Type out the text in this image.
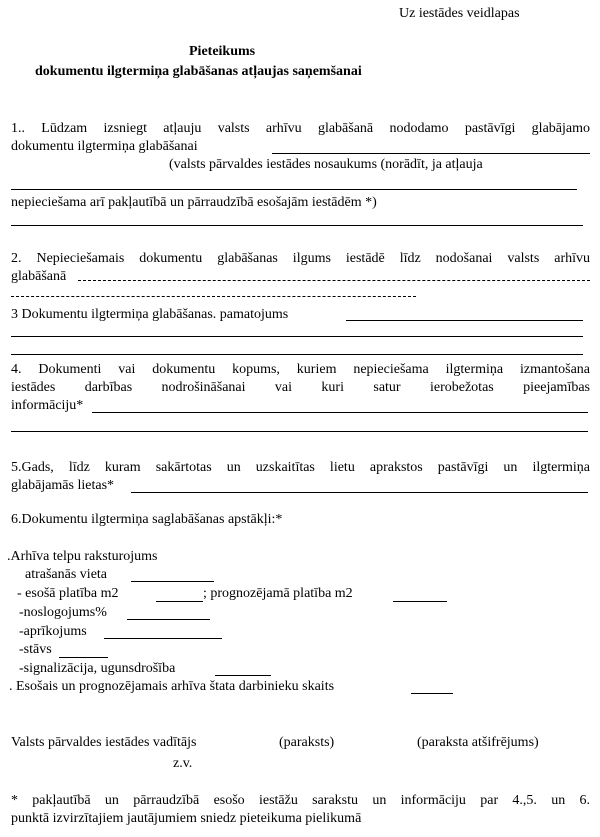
Uz iestādes veidlapas
Pieteikums
dokumentu ilgtermiņa glabāšanas atļaujas saņemšanai
1.. Lūdzam izsniegt atļauju valsts arhīvu glabāšanā nododamo pastāvīgi glabājamo
dokumentu ilgtermiņa glabāšanai
(valsts pārvaldes iestādes nosaukums (norādīt, ja atļauja
nepieciešama arī pakļautībā un pārraudzībā esošajām iestādēm *)
2. Nepieciešamais dokumentu glabāšanas ilgums iestādē līdz nodošanai valsts arhīvu
glabāšanā
3 Dokumentu ilgtermiņa glabāšanas. pamatojums
4. Dokumenti vai dokumentu kopums, kuriem nepieciešama ilgtermiņa izmantošana
iestādes darbības nodrošināšanai vai kuri satur ierobežotas pieejamības
informāciju*
5.Gads, līdz kuram sakārtotas un uzskaitītas lietu aprakstos pastāvīgi un ilgtermiņa
glabājamās lietas*
6.Dokumentu ilgtermiņa saglabāšanas apstākļi:*
.Arhīva telpu raksturojums
atrašanās vieta
- esošā platība m2	; prognozējamā platība m2
-noslogojums%
-aprīkojums
-stāvs
-signalizācija, ugunsdrošība
. Esošais un prognozējamais arhīva štata darbinieku skaits
Valsts pārvaldes iestādes vadītājs	(paraksts)	(paraksta atšifrējums)
z.v.
* pakļautībā un pārraudzībā esošo iestāžu sarakstu un informāciju par 4.,5. un 6.
punktā izvirzītajiem jautājumiem sniedz pieteikuma pielikumā
